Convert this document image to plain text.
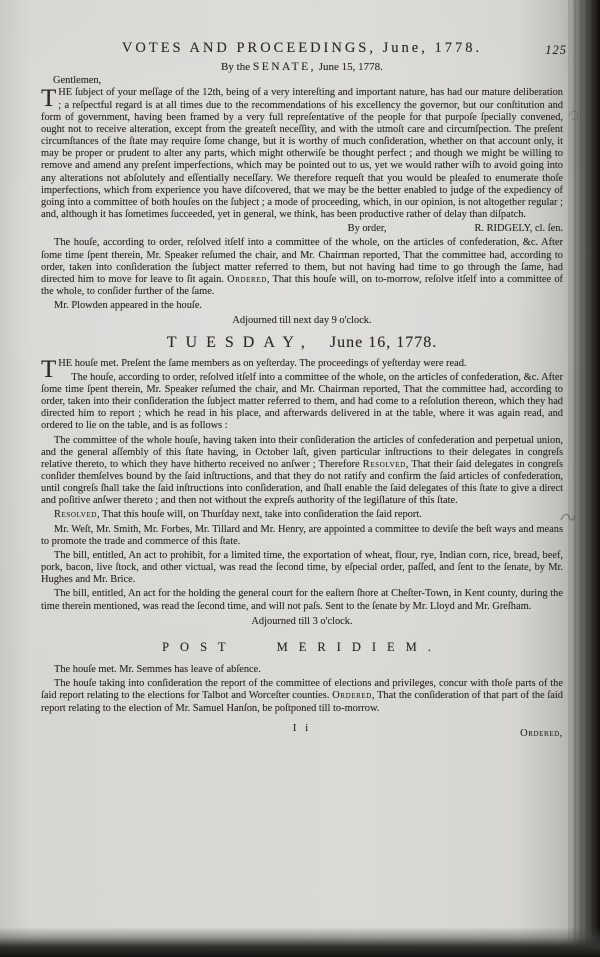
VOTES AND PROCEEDINGS, June, 1778.	125
By the SENATE, June 15, 1778.

Gentlemen,

THE ſubject of your meſſage of the 12th, being of a very intereſting and important nature, has had our mature deliberation ; a reſpectful regard is at all times due to the recommendations of his excellency the governor, but our conſtitution and form of government, having been framed by a very full repreſentative of the people for that purpoſe ſpecially convened, ought not to receive alteration, except from the greateſt neceſſity, and with the utmoſt care and circumſpection. The preſent circumſtances of the ſtate may require ſome change, but it is worthy of much conſideration, whether on that account only, it may be proper or prudent to alter any parts, which might otherwiſe be thought perfect ; and though we might be willing to remove and amend any preſent imperfections, which may be pointed out to us, yet we would rather wiſh to avoid going into any alterations not abſolutely and eſſentially neceſſary. We therefore requeſt that you would be pleaſed to enumerate thoſe imperfections, which from experience you have diſcovered, that we may be the better enabled to judge of the expediency of going into a committee of both houſes on the ſubject ; a mode of proceeding, which, in our opinion, is not altogether regular ; and, although it has ſometimes ſucceeded, yet in general, we think, has been productive rather of delay than diſpatch.

By order,	R. RIDGELY, cl. ſen.

The houſe, according to order, reſolved itſelf into a committee of the whole, on the articles of confederation, &c. After ſome time ſpent therein, Mr. Speaker reſumed the chair, and Mr. Chairman reported, That the committee had, according to order, taken into conſideration the ſubject matter referred to them, but not having had time to go through the ſame, had directed him to move for leave to ſit again. Ordered, That this houſe will, on to-morrow, reſolve itſelf into a committee of the whole, to conſider further of the ſame.

Mr. Plowden appeared in the houſe.

Adjourned till next day 9 o'clock.

TUESDAY, June 16, 1778.

THE houſe met. Preſent the ſame members as on yeſterday. The proceedings of yeſterday were read.

The houſe, according to order, reſolved itſelf into a committee of the whole, on the articles of confederation, &c. After ſome time ſpent therein, Mr. Speaker reſumed the chair, and Mr. Chairman reported, That the committee had, according to order, taken into their conſideration the ſubject matter referred to them, and had come to a reſolution thereon, which they had directed him to report ; which he read in his place, and afterwards delivered in at the table, where it was again read, and ordered to lie on the table, and is as follows :

The committee of the whole houſe, having taken into their conſideration the articles of confederation and perpetual union, and the general aſſembly of this ſtate having, in October laſt, given particular inſtructions to their delegates in congreſs relative thereto, to which they have hitherto received no anſwer ; Therefore Resolved, That their ſaid delegates in congreſs conſider themſelves bound by the ſaid inſtructions, and that they do not ratify and confirm the ſaid articles of confederation, until congreſs ſhall take the ſaid inſtructions into conſideration, and ſhall enable the ſaid delegates of this ſtate to give a direct and poſitive anſwer thereto ; and then not without the expreſs authority of the legiſlature of this ſtate.

Resolved, That this houſe will, on Thurſday next, take into conſideration the ſaid report.

Mr. Weſt, Mr. Smith, Mr. Forbes, Mr. Tillard and Mr. Henry, are appointed a committee to deviſe the beſt ways and means to promote the trade and commerce of this ſtate.

The bill, entitled, An act to prohibit, for a limited time, the exportation of wheat, flour, rye, Indian corn, rice, bread, beef, pork, bacon, live ſtock, and other victual, was read the ſecond time, by eſpecial order, paſſed, and ſent to the ſenate, by Mr. Hughes and Mr. Brice.

The bill, entitled, An act for the holding the general court for the eaſtern ſhore at Cheſter-Town, in Kent county, during the time therein mentioned, was read the ſecond time, and will not paſs. Sent to the ſenate by Mr. Lloyd and Mr. Greſham.

Adjourned till 3 o'clock.

POST MERIDIEM.

The houſe met. Mr. Semmes has leave of abſence.

The houſe taking into conſideration the report of the committee of elections and privileges, concur with thoſe parts of the ſaid report relating to the elections for Talbot and Worceſter counties. Ordered, That the conſideration of that part of the ſaid report relating to the election of Mr. Samuel Hanſon, be poſtponed till to-morrow.

I i	Ordered,
